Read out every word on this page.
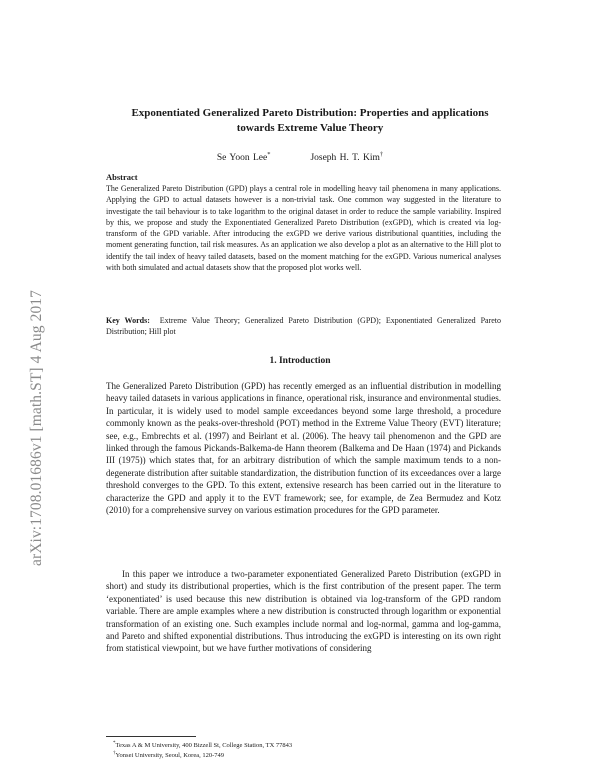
arXiv:1708.01686v1 [math.ST] 4 Aug 2017
Exponentiated Generalized Pareto Distribution: Properties and applications
towards Extreme Value Theory
Se Yoon Lee*	Joseph H. T. Kim†
Abstract
The Generalized Pareto Distribution (GPD) plays a central role in modelling heavy tail phenomena in many applications. Applying the GPD to actual datasets however is a non-trivial task. One common way suggested in the literature to investigate the tail behaviour is to take logarithm to the original dataset in order to reduce the sample variability. Inspired by this, we propose and study the Exponentiated Generalized Pareto Distribution (exGPD), which is created via log-transform of the GPD variable. After introducing the exGPD we derive various distributional quantities, including the moment generating function, tail risk measures. As an application we also develop a plot as an alternative to the Hill plot to identify the tail index of heavy tailed datasets, based on the moment matching for the exGPD. Various numerical analyses with both simulated and actual datasets show that the proposed plot works well.
Key Words: Extreme Value Theory; Generalized Pareto Distribution (GPD); Exponentiated Generalized Pareto Distribution; Hill plot
1. Introduction
The Generalized Pareto Distribution (GPD) has recently emerged as an influential distribution in modelling heavy tailed datasets in various applications in finance, operational risk, insurance and environmental studies. In particular, it is widely used to model sample exceedances beyond some large threshold, a procedure commonly known as the peaks-over-threshold (POT) method in the Extreme Value Theory (EVT) literature; see, e.g., Embrechts et al. (1997) and Beirlant et al. (2006). The heavy tail phenomenon and the GPD are linked through the famous Pickands-Balkema-de Hann theorem (Balkema and De Haan (1974) and Pickands III (1975)) which states that, for an arbitrary distribution of which the sample maximum tends to a non-degenerate distribution after suitable standardization, the distribution function of its exceedances over a large threshold converges to the GPD. To this extent, extensive research has been carried out in the literature to characterize the GPD and apply it to the EVT framework; see, for example, de Zea Bermudez and Kotz (2010) for a comprehensive survey on various estimation procedures for the GPD parameter.
In this paper we introduce a two-parameter exponentiated Generalized Pareto Distribution (exGPD in short) and study its distributional properties, which is the first contribution of the present paper. The term ‘exponentiated’ is used because this new distribution is obtained via log-transform of the GPD random variable. There are ample examples where a new distribution is constructed through logarithm or exponential transformation of an existing one. Such examples include normal and log-normal, gamma and log-gamma, and Pareto and shifted exponential distributions. Thus introducing the exGPD is interesting on its own right from statistical viewpoint, but we have further motivations of considering
*Texas A & M University, 400 Bizzell St, College Station, TX 77843
†Yonsei University, Seoul, Korea, 120-749
